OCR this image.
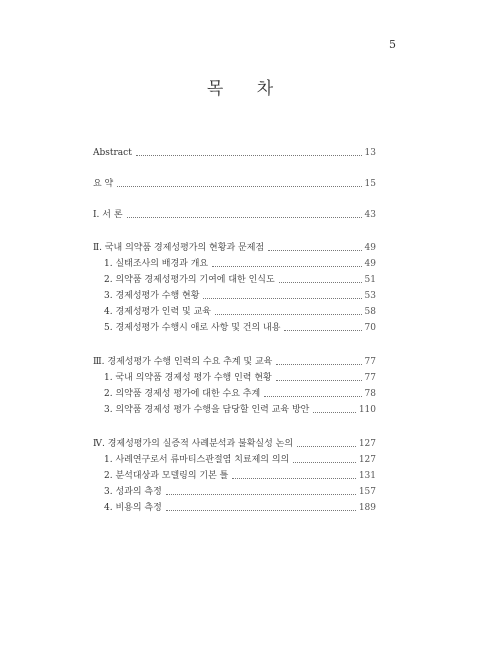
5
목 차
Abstract	13
요 약	15
Ⅰ. 서 론	43
Ⅱ. 국내 의약품 경제성평가의 현황과 문제점	49
1. 실태조사의 배경과 개요	49
2. 의약품 경제성평가의 기여에 대한 인식도	51
3. 경제성평가 수행 현황	53
4. 경제성평가 인력 및 교육	58
5. 경제성평가 수행시 애로 사항 및 건의 내용	70
Ⅲ. 경제성평가 수행 인력의 수요 추계 및 교육	77
1. 국내 의약품 경제성 평가 수행 인력 현황	77
2. 의약품 경제성 평가에 대한 수요 추계	78
3. 의약품 경제성 평가 수행을 담당할 인력 교육 방안	110
Ⅳ. 경제성평가의 실증적 사례분석과 불확실성 논의	127
1. 사례연구로서 류마티스관절염 치료제의 의의	127
2. 분석대상과 모델링의 기본 틀	131
3. 성과의 측정	157
4. 비용의 측정	189
